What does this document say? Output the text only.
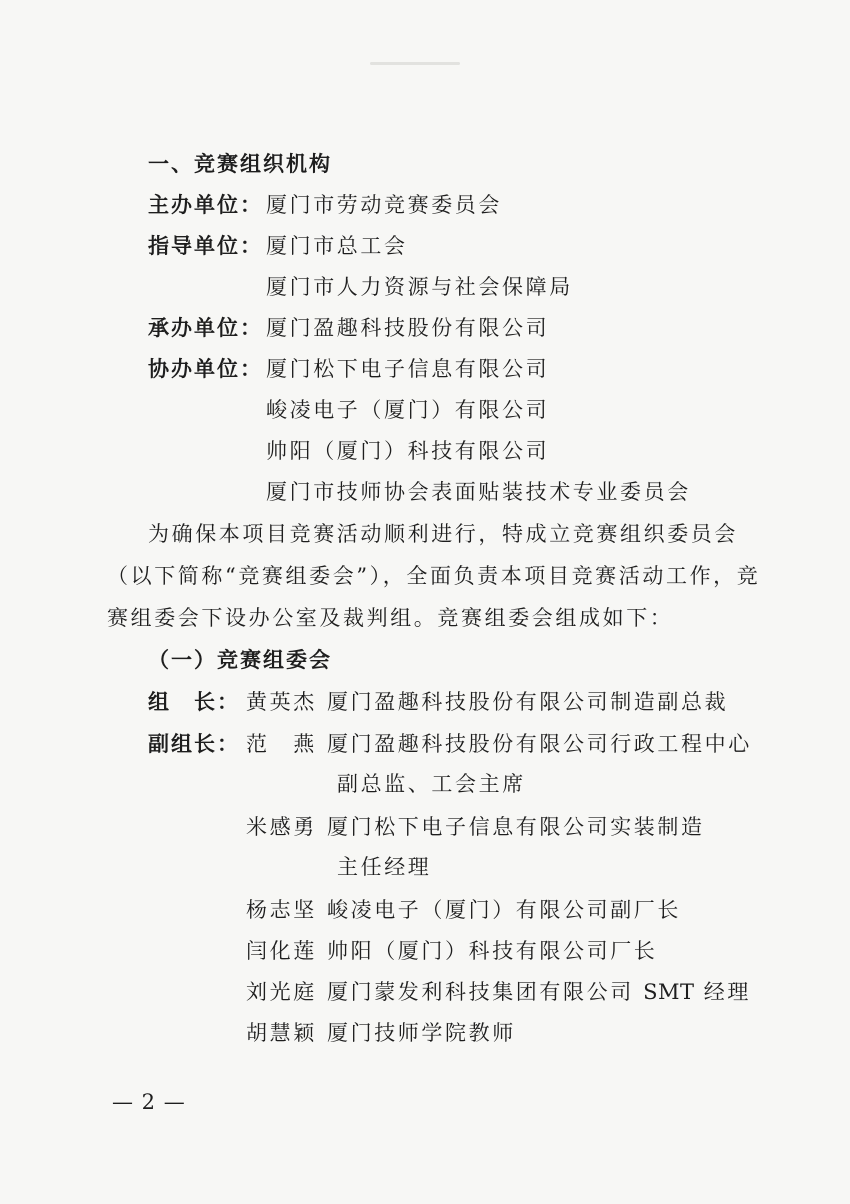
一、竞赛组织机构
主办单位： 厦门市劳动竞赛委员会
指导单位： 厦门市总工会
厦门市人力资源与社会保障局
承办单位： 厦门盈趣科技股份有限公司
协办单位： 厦门松下电子信息有限公司
峻凌电子（厦门）有限公司
帅阳（厦门）科技有限公司
厦门市技师协会表面贴装技术专业委员会
为确保本项目竞赛活动顺利进行，特成立竞赛组织委员会
（以下简称“竞赛组委会”），全面负责本项目竞赛活动工作，竞
赛组委会下设办公室及裁判组。竞赛组委会组成如下：
（一）竞赛组委会
组　长： 黄英杰 厦门盈趣科技股份有限公司制造副总裁
副组长： 范　燕 厦门盈趣科技股份有限公司行政工程中心
副总监、工会主席
米感勇 厦门松下电子信息有限公司实装制造
主任经理
杨志坚 峻凌电子（厦门）有限公司副厂长
闫化莲 帅阳（厦门）科技有限公司厂长
刘光庭 厦门蒙发利科技集团有限公司 SMT 经理
胡慧颖 厦门技师学院教师
— 2 —
